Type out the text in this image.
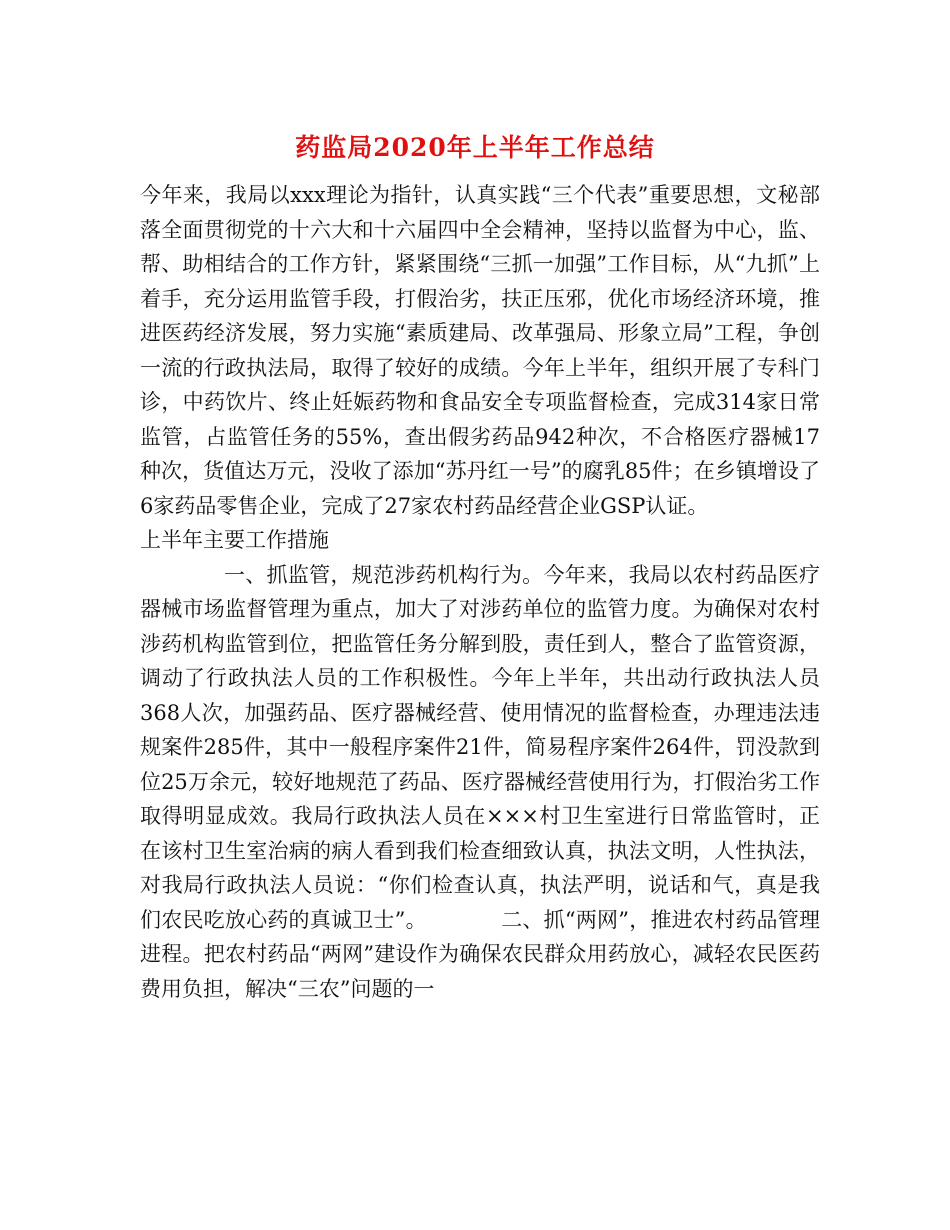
药监局2020年上半年工作总结

今年来，我局以xxx理论为指针，认真实践“三个代表”重要思想，文秘部落全面贯彻党的十六大和十六届四中全会精神，坚持以监督为中心，监、帮、助相结合的工作方针，紧紧围绕“三抓一加强”工作目标，从“九抓”上着手，充分运用监管手段，打假治劣，扶正压邪，优化市场经济环境，推进医药经济发展，努力实施“素质建局、改革强局、形象立局”工程，争创一流的行政执法局，取得了较好的成绩。今年上半年，组织开展了专科门诊，中药饮片、终止妊娠药物和食品安全专项监督检查，完成314家日常监管，占监管任务的55%，查出假劣药品942种次，不合格医疗器械17种次，货值达万元，没收了添加“苏丹红一号”的腐乳85件；在乡镇增设了6家药品零售企业，完成了27家农村药品经营企业GSP认证。

上半年主要工作措施

一、抓监管，规范涉药机构行为。今年来，我局以农村药品医疗器械市场监督管理为重点，加大了对涉药单位的监管力度。为确保对农村涉药机构监管到位，把监管任务分解到股，责任到人，整合了监管资源，调动了行政执法人员的工作积极性。今年上半年，共出动行政执法人员368人次，加强药品、医疗器械经营、使用情况的监督检查，办理违法违规案件285件，其中一般程序案件21件，简易程序案件264件，罚没款到位25万余元，较好地规范了药品、医疗器械经营使用行为，打假治劣工作取得明显成效。我局行政执法人员在×××村卫生室进行日常监管时，正在该村卫生室治病的病人看到我们检查细致认真，执法文明，人性执法，对我局行政执法人员说：“你们检查认真，执法严明，说话和气，真是我们农民吃放心药的真诚卫士”。　　　　二、抓“两网”，推进农村药品管理进程。把农村药品“两网”建设作为确保农民群众用药放心，减轻农民医药费用负担，解决“三农”问题的一
